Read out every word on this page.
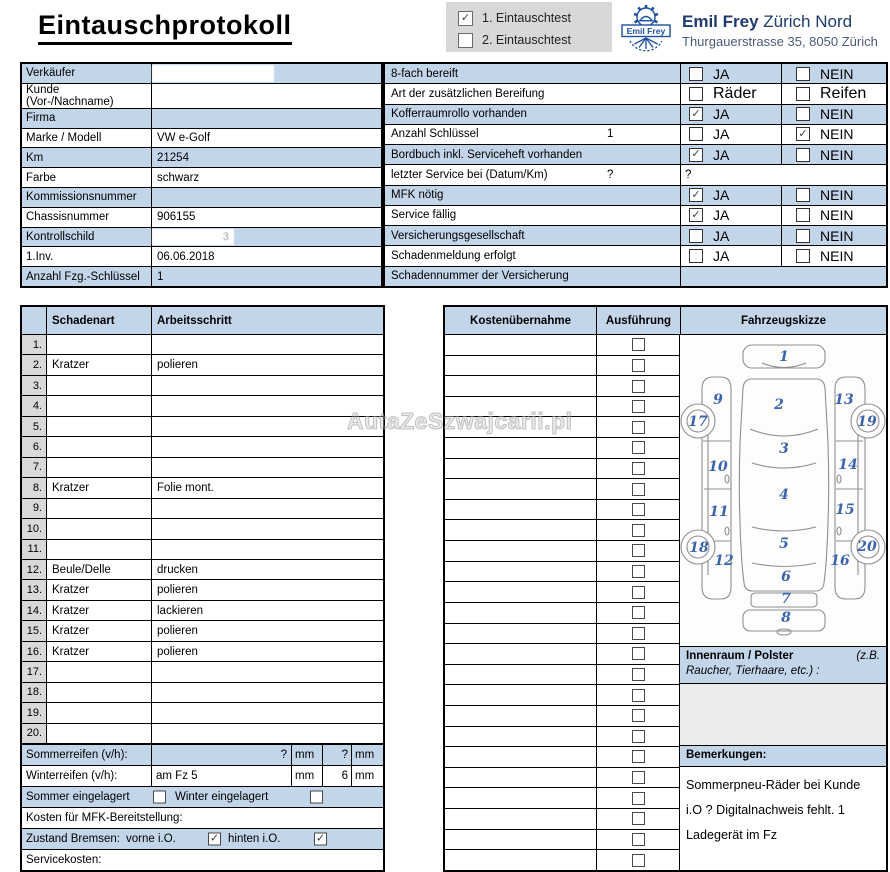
Eintauschprotokoll	✓ 1. Eintauschtest
2. Eintauschtest
Emil Frey Emil Frey Zürich Nord
Thurgauerstrasse 35, 8050 Zürich
Verkäufer
Kunde (Vor-/Nachname)
Firma
Marke / Modell	VW e-Golf
Km	21254
Farbe	schwarz
Kommissionsnummer
Chassisnummer	906155
Kontrollschild	3
1.Inv.	06.06.2018
Anzahl Fzg.-Schlüssel	1
8-fach bereift	JA	NEIN
Art der zusätzlichen Bereifung	Räder	Reifen
Kofferraumrollo vorhanden	✓ JA	NEIN
Anzahl Schlüssel	1	JA	✓ NEIN
Bordbuch inkl. Serviceheft vorhanden	✓ JA	NEIN
letzter Service bei (Datum/Km)	?	?
MFK nötig	✓ JA	NEIN
Service fällig	✓ JA	NEIN
Versicherungsgesellschaft	JA	NEIN
Schadenmeldung erfolgt	JA	NEIN
Schadennummer der Versicherung
Schadenart	Arbeitsschritt
1.
2. Kratzer	polieren
3.
4.
5.
6.
7.
8. Kratzer	Folie mont.
9.
10.
11.
12. Beule/Delle	drucken
13. Kratzer	polieren
14. Kratzer	lackieren
15. Kratzer	polieren
16. Kratzer	polieren
17.
18.
19.
20.
Sommerreifen (v/h):	? mm	? mm
Winterreifen (v/h):	am Fz 5	mm	6 mm
Sommer eingelagert	Winter eingelagert
Kosten für MFK-Bereitstellung:
Zustand Bremsen: vorne i.O.	✓ hinten i.O.	✓
Servicekosten:
Kostenübernahme	Ausführung	Fahrzeugskizze
1
2
3
4
5
6
7
8
9
10
11
12
13
14
15
16
17
18
19
20
Innenraum / Polster	(z.B.
Raucher, Tierhaare, etc.) :
Bemerkungen:
Sommerpneu-Räder bei Kunde
i.O ? Digitalnachweis fehlt. 1
Ladegerät im Fz
AutaZeSzwajcarii.pl
